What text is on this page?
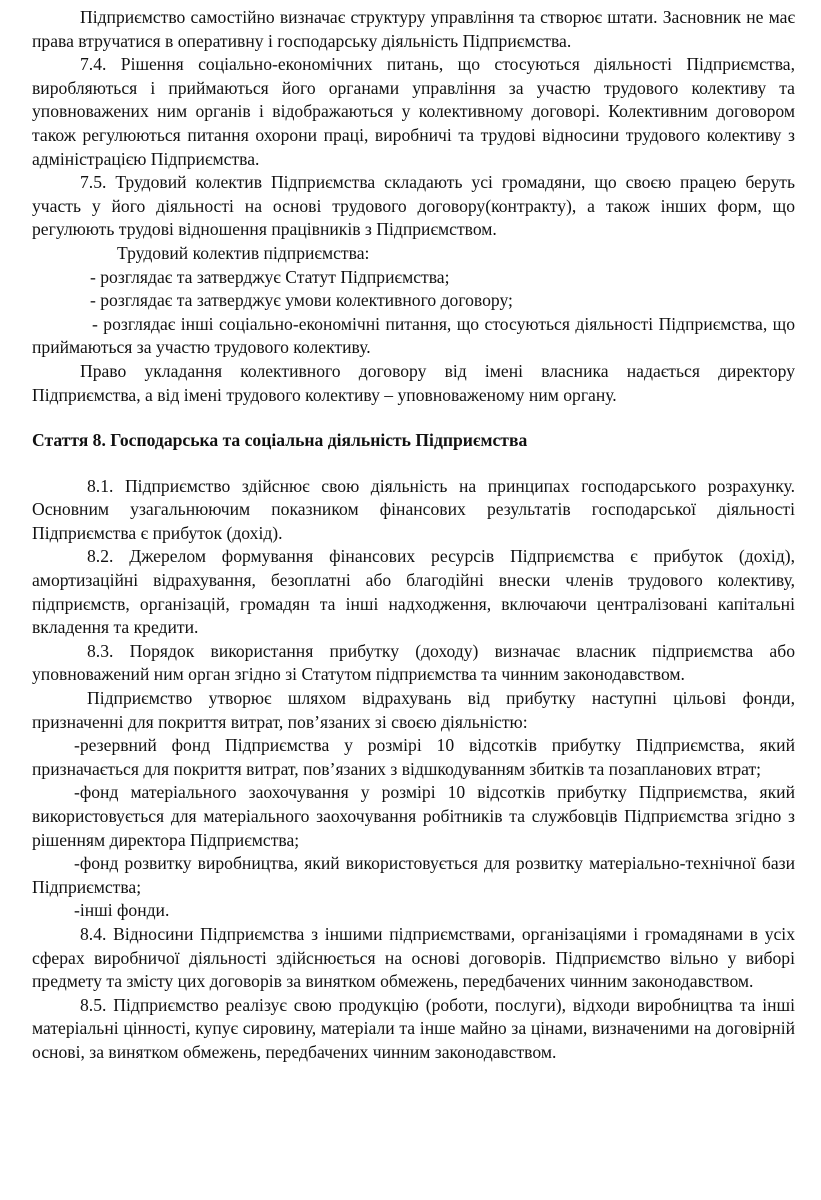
Підприємство самостійно визначає структуру управління та створює штати. Засновник не має права втручатися в оперативну і господарську діяльність Підприємства.

7.4. Рішення соціально-економічних питань, що стосуються діяльності Підприємства, виробляються і приймаються його органами управління за участю трудового колективу та уповноважених ним органів і відображаються у колективному договорі. Колективним договором також регулюються питання охорони праці, виробничі та трудові відносини трудового колективу з адміністрацією Підприємства.

7.5. Трудовий колектив Підприємства складають усі громадяни, що своєю працею беруть участь у його діяльності на основі трудового договору(контракту), а також інших форм, що регулюють трудові відношення працівників з Підприємством.

Трудовий колектив підприємства:

- розглядає та затверджує Статут Підприємства;

- розглядає та затверджує умови колективного договору;

- розглядає інші соціально-економічні питання, що стосуються діяльності Підприємства, що приймаються за участю трудового колективу.

Право укладання колективного договору від імені власника надається директору Підприємства, а від імені трудового колективу – уповноваженому ним органу.

Стаття 8. Господарська та соціальна діяльність Підприємства

8.1. Підприємство здійснює свою діяльність на принципах господарського розрахунку. Основним узагальнюючим показником фінансових результатів господарської діяльності Підприємства є прибуток (дохід).

8.2. Джерелом формування фінансових ресурсів Підприємства є прибуток (дохід), амортизаційні відрахування, безоплатні або благодійні внески членів трудового колективу, підприємств, організацій, громадян та інші надходження, включаючи централізовані капітальні вкладення та кредити.

8.3. Порядок використання прибутку (доходу) визначає власник підприємства або уповноважений ним орган згідно зі Статутом підприємства та чинним законодавством.

Підприємство утворює шляхом відрахувань від прибутку наступні цільові фонди, призначенні для покриття витрат, пов’язаних зі своєю діяльністю:

-резервний фонд Підприємства у розмірі 10 відсотків прибутку Підприємства, який призначається для покриття витрат, пов’язаних з відшкодуванням збитків та позапланових втрат;

-фонд матеріального заохочування у розмірі 10 відсотків прибутку Підприємства, який використовується для матеріального заохочування робітників та службовців Підприємства згідно з рішенням директора Підприємства;

-фонд розвитку виробництва, який використовується для розвитку матеріально-технічної бази Підприємства;

-інші фонди.

8.4. Відносини Підприємства з іншими підприємствами, організаціями і громадянами в усіх сферах виробничої діяльності здійснюється на основі договорів. Підприємство вільно у виборі предмету та змісту цих договорів за винятком обмежень, передбачених чинним законодавством.

8.5. Підприємство реалізує свою продукцію (роботи, послуги), відходи виробництва та інші матеріальні цінності, купує сировину, матеріали та інше майно за цінами, визначеними на договірній основі, за винятком обмежень, передбачених чинним законодавством.
